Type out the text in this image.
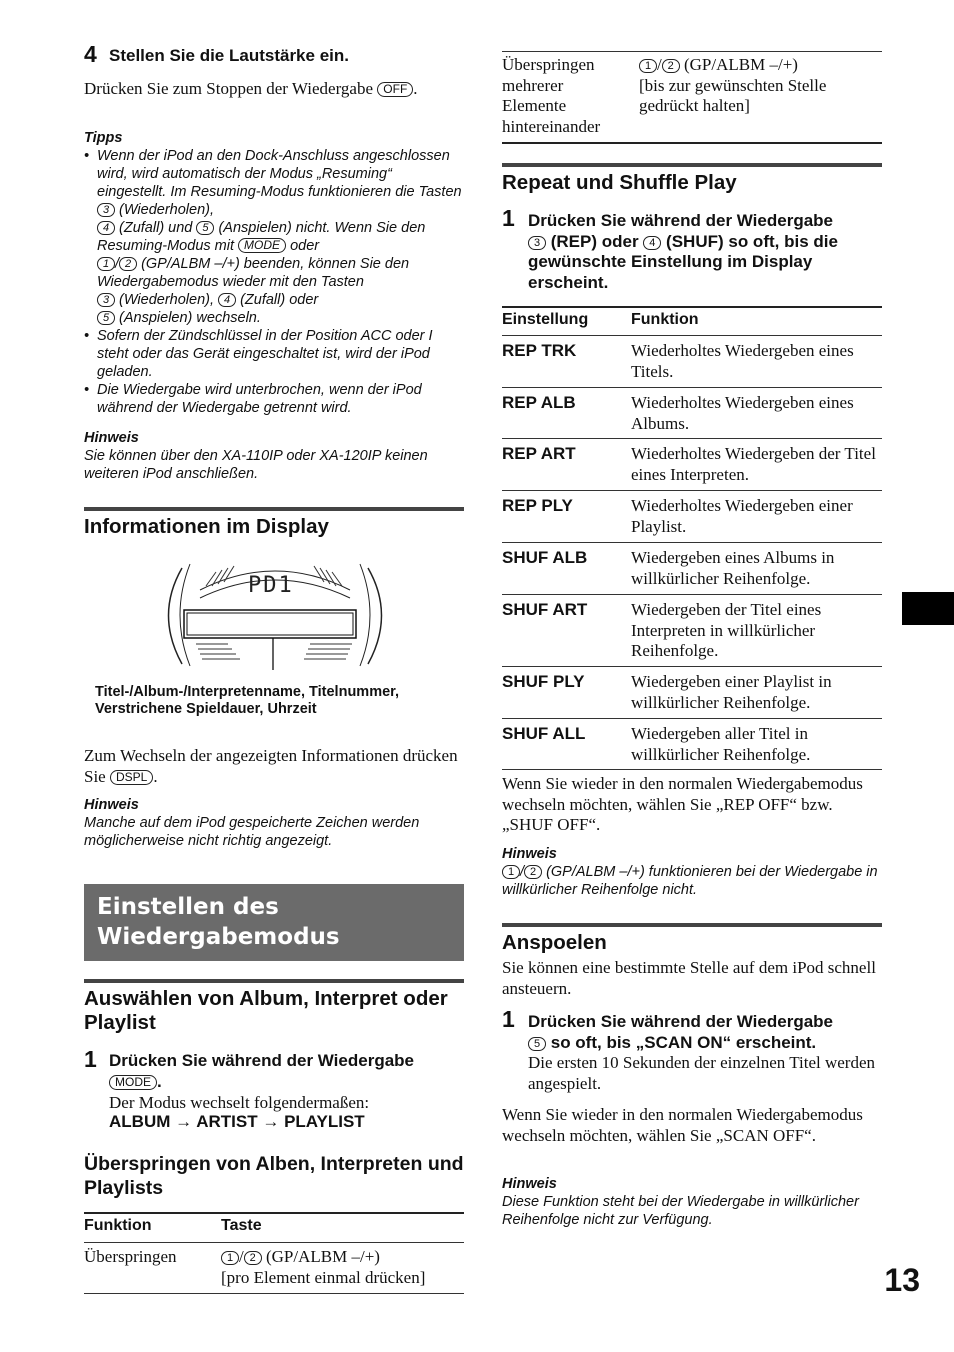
4 Stellen Sie die Lautstärke ein.
Drücken Sie zum Stoppen der Wiedergabe OFF .
Tipps
• Wenn der iPod an den Dock-Anschluss angeschlossen wird, wird automatisch der Modus „Resuming“ eingestellt. Im Resuming-Modus funktionieren die Tasten 3 (Wiederholen),
4 (Zufall) und 5 (Anspielen) nicht. Wenn Sie den Resuming-Modus mit MODE oder
1 / 2 (GP/ALBM –/+) beenden, können Sie den Wiedergabemodus wieder mit den Tasten
3 (Wiederholen), 4 (Zufall) oder
5 (Anspielen) wechseln.
• Sofern der Zündschlüssel in der Position ACC oder I steht oder das Gerät eingeschaltet ist, wird der iPod geladen.
• Die Wiedergabe wird unterbrochen, wenn der iPod während der Wiedergabe getrennt wird.
Hinweis
Sie können über den XA-110IP oder XA-120IP keinen weiteren iPod anschließen.
Informationen im Display
PD1
Titel-/Album-/Interpretenname, Titelnummer, Verstrichene Spieldauer, Uhrzeit
Zum Wechseln der angezeigten Informationen drücken Sie DSPL .
Hinweis
Manche auf dem iPod gespeicherte Zeichen werden möglicherweise nicht richtig angezeigt.
Einstellen des
Wiedergabemodus
Auswählen von Album, Interpret oder Playlist
1 Drücken Sie während der Wiedergabe
MODE .
Der Modus wechselt folgendermaßen:
ALBUM → ARTIST → PLAYLIST
Überspringen von Alben, Interpreten und Playlists
Funktion	Taste
Überspringen	1 / 2 (GP/ALBM –/+)
[pro Element einmal drücken]
Überspringen mehrerer Elemente hintereinander
1 / 2 (GP/ALBM –/+)
[bis zur gewünschten Stelle gedrückt halten]
Repeat und Shuffle Play
1 Drücken Sie während der Wiedergabe
3 (REP) oder 4 (SHUF) so oft, bis die gewünschte Einstellung im Display erscheint.
Einstellung	Funktion
REP TRK	Wiederholtes Wiedergeben eines Titels.
REP ALB	Wiederholtes Wiedergeben eines Albums.
REP ART	Wiederholtes Wiedergeben der Titel eines Interpreten.
REP PLY	Wiederholtes Wiedergeben einer Playlist.
SHUF ALB	Wiedergeben eines Albums in willkürlicher Reihenfolge.
SHUF ART	Wiedergeben der Titel eines Interpreten in willkürlicher Reihenfolge.
SHUF PLY	Wiedergeben einer Playlist in willkürlicher Reihenfolge.
SHUF ALL	Wiedergeben aller Titel in willkürlicher Reihenfolge.
Wenn Sie wieder in den normalen Wiedergabemodus wechseln möchten, wählen Sie „REP OFF“ bzw. „SHUF OFF“.
Hinweis
1 / 2 (GP/ALBM –/+) funktionieren bei der Wiedergabe in willkürlicher Reihenfolge nicht.
Anspoelen
Sie können eine bestimmte Stelle auf dem iPod schnell ansteuern.
1 Drücken Sie während der Wiedergabe
5 so oft, bis „SCAN ON“ erscheint.
Die ersten 10 Sekunden der einzelnen Titel werden angespielt.
Wenn Sie wieder in den normalen Wiedergabemodus wechseln möchten, wählen Sie „SCAN OFF“.
Hinweis
Diese Funktion steht bei der Wiedergabe in willkürlicher Reihenfolge nicht zur Verfügung.
13
